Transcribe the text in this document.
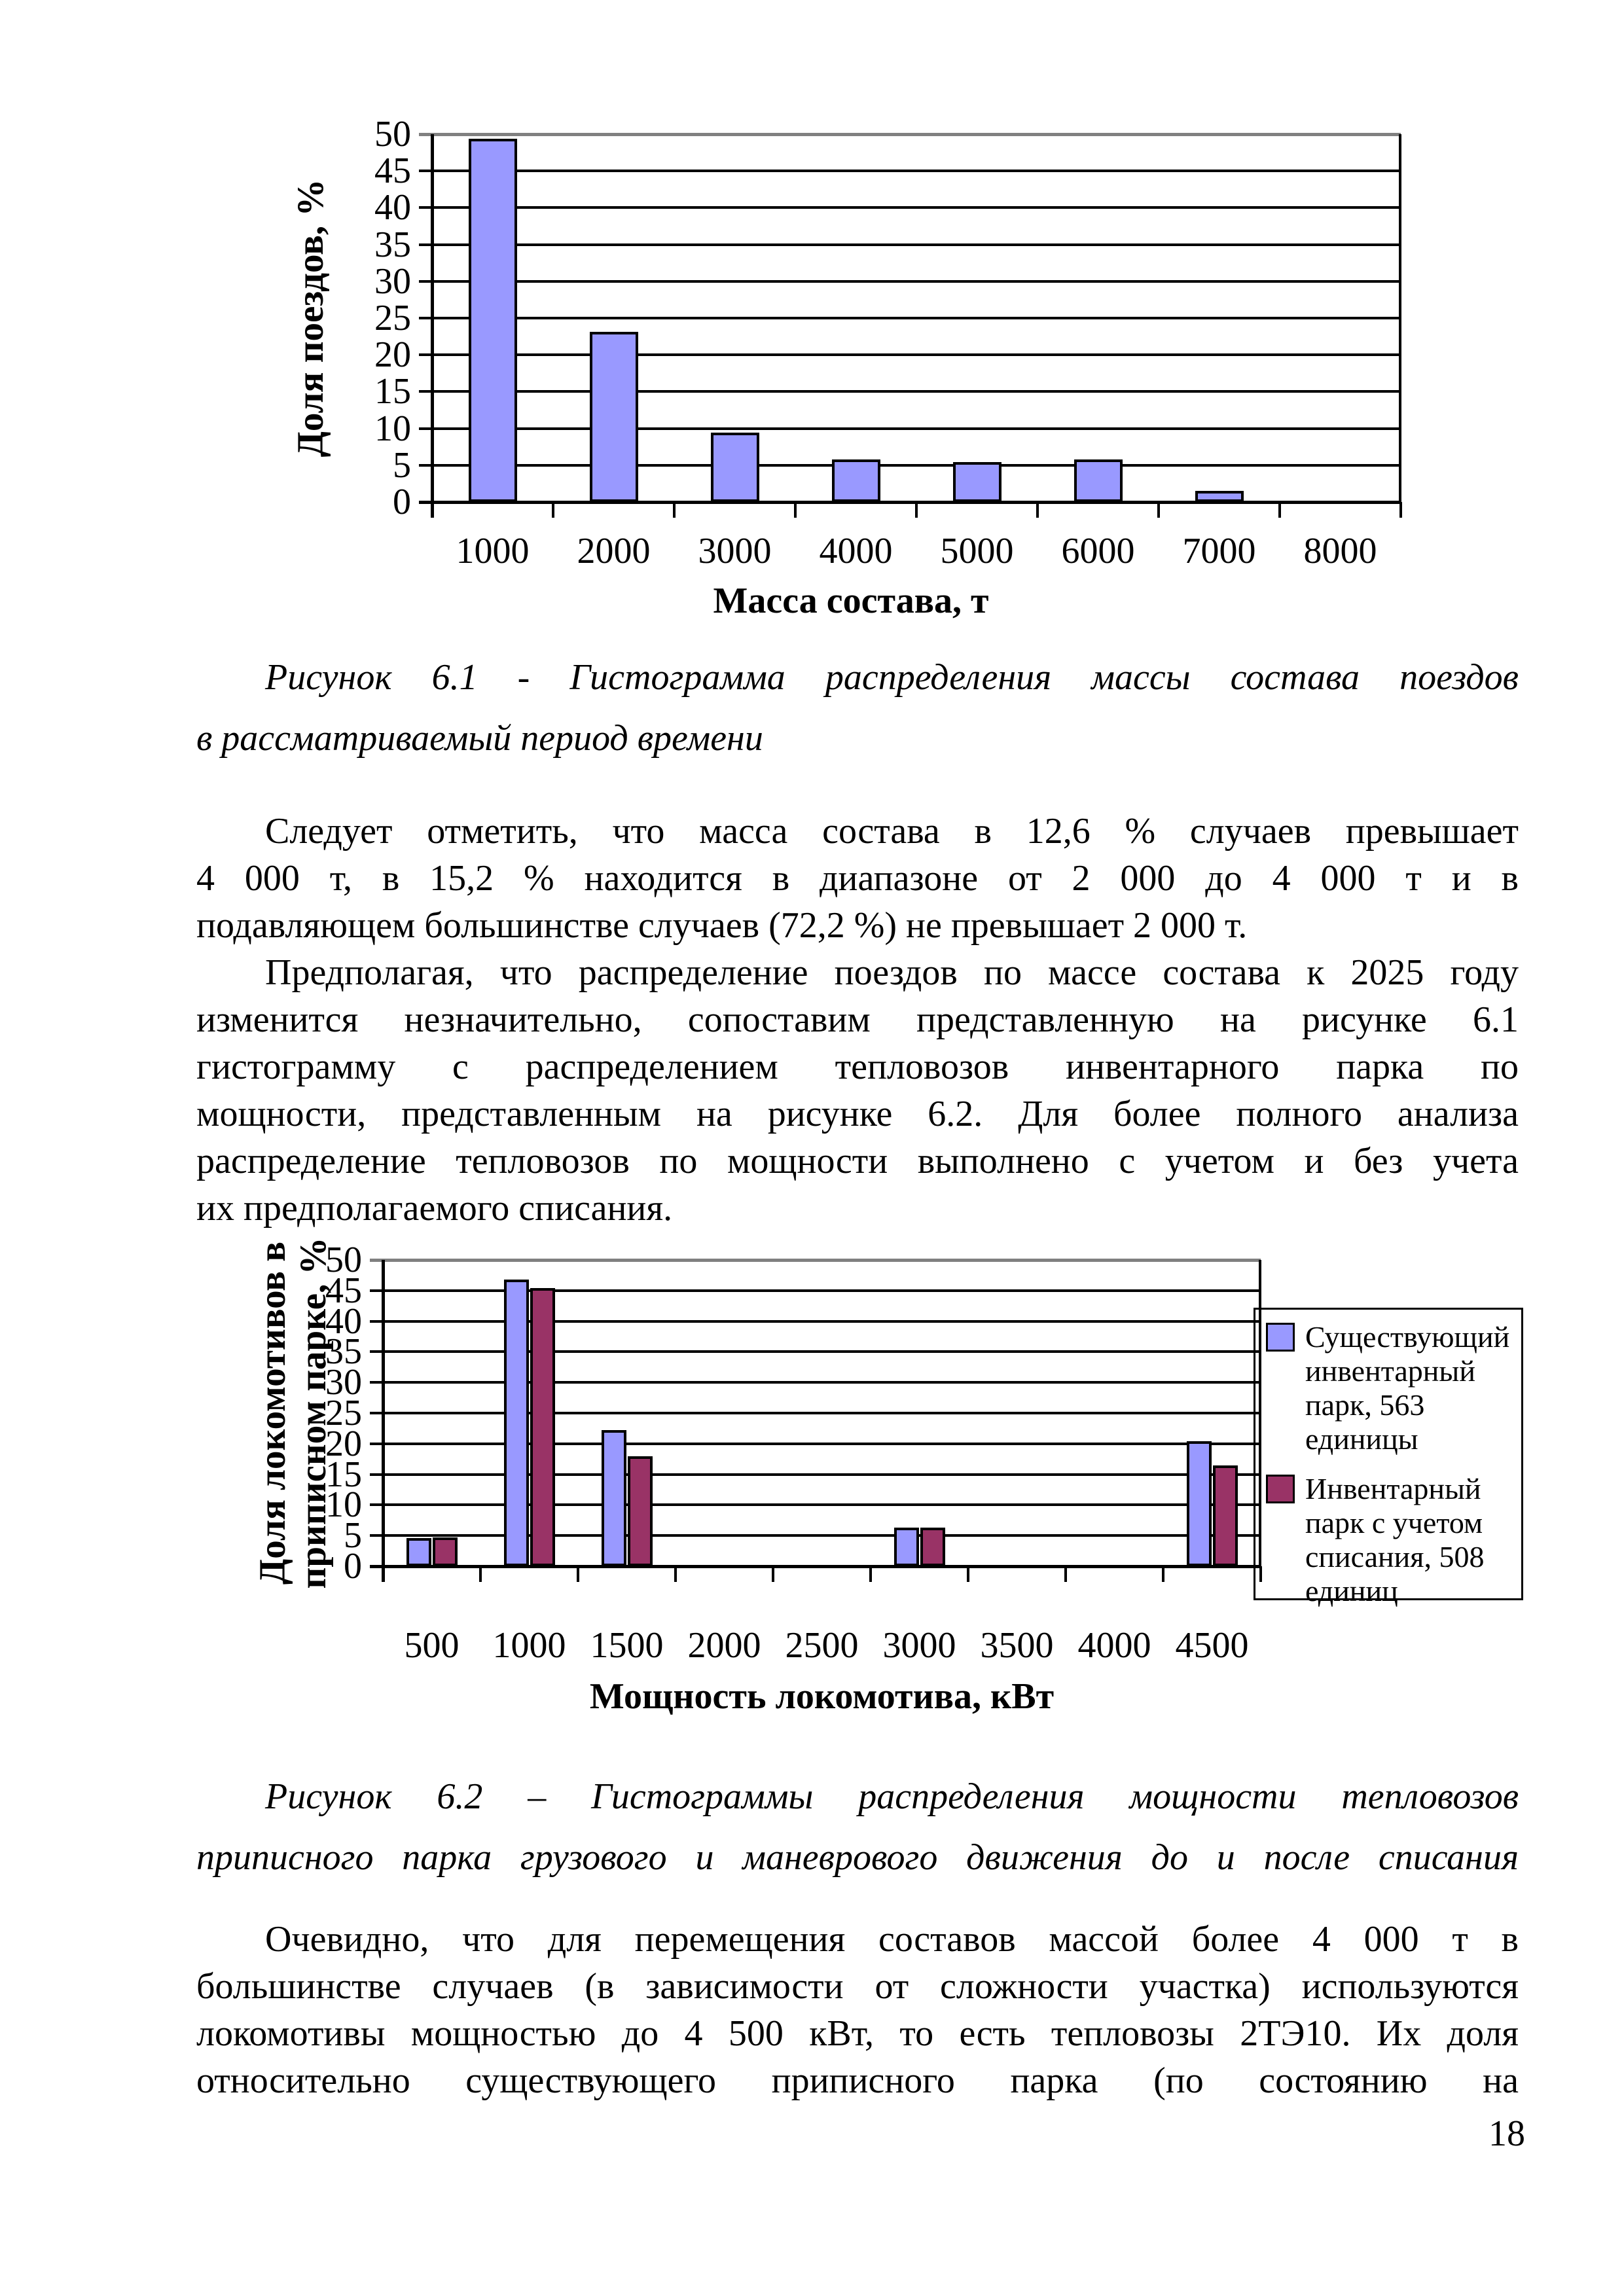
Доля поездов, %
Масса состава, т
0
5
10
15
20
25
30
35
40
45
50
1000	2000	3000	4000	5000	6000	7000	8000
Рисунок 6.1 - Гистограмма распределения массы состава поездов
в рассматриваемый период времени
Следует отметить, что масса состава в 12,6 % случаев превышает
4 000 т, в 15,2 % находится в диапазоне от 2 000 до 4 000 т и в
подавляющем большинстве случаев (72,2 %) не превышает 2 000 т.
Предполагая, что распределение поездов по массе состава к 2025 году
изменится незначительно, сопоставим представленную на рисунке 6.1
гистограмму с распределением тепловозов инвентарного парка по
мощности, представленным на рисунке 6.2. Для более полного анализа
распределение тепловозов по мощности выполнено с учетом и без учета
их предполагаемого списания.
Доля локомотивов в приписном парке, %
Мощность локомотива, кВт
Существующий инвентарный парк, 563 единицы
Инвентарный парк с учетом списания, 508 единиц
0
5
10
15
20
25
30
35
40
45
50
500 1000 1500 2000 2500 3000 3500 4000 4500
Рисунок 6.2 – Гистограммы распределения мощности тепловозов
приписного парка грузового и маневрового движения до и после списания
Очевидно, что для перемещения составов массой более 4 000 т в
большинстве случаев (в зависимости от сложности участка) используются
локомотивы мощностью до 4 500 кВт, то есть тепловозы 2ТЭ10. Их доля
относительно существующего приписного парка (по состоянию на
18
